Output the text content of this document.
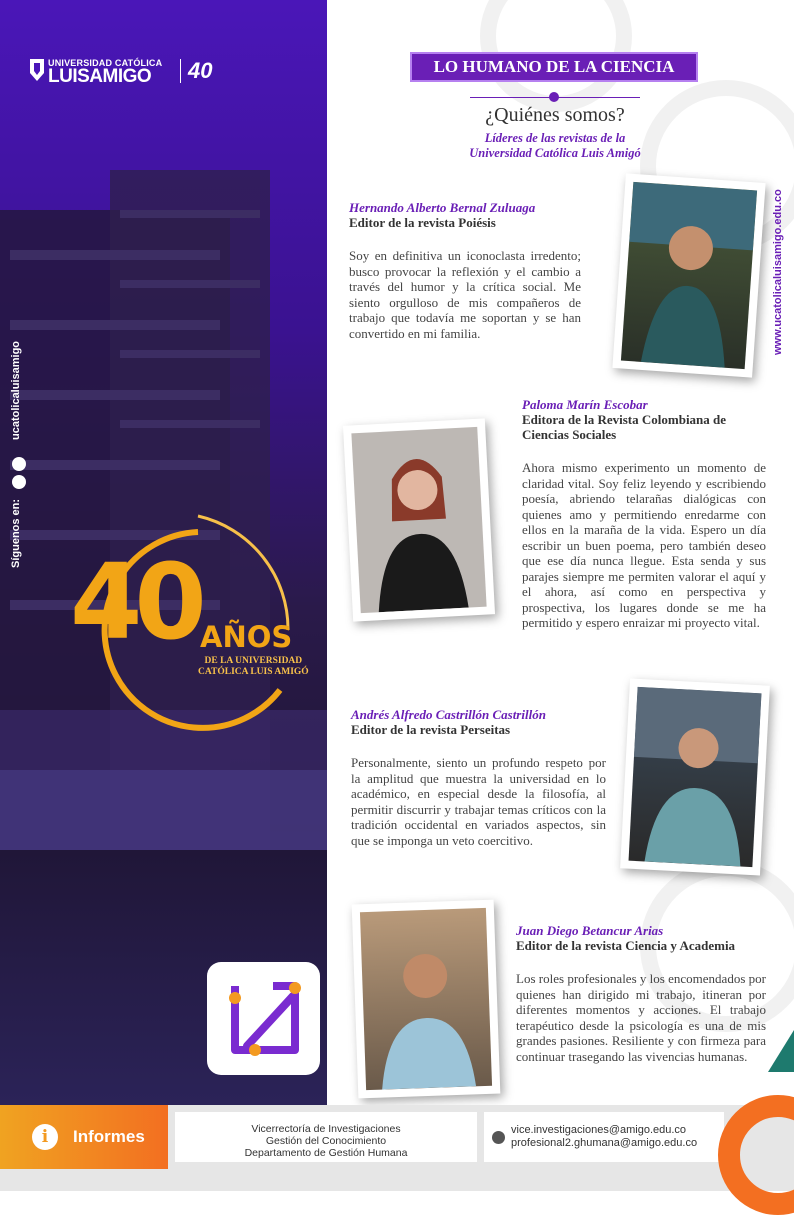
UNIVERSIDAD CATÓLICA
LUISAMIGO 40
Síguenos en:
ucatolicaluisamigo
40 AÑOS
DE LA UNIVERSIDAD
CATÓLICA LUIS AMIGÓ
LO HUMANO DE LA CIENCIA
¿Quiénes somos?
Líderes de las revistas de la
Universidad Católica Luis Amigó
www.ucatolicaluisamigo.edu.co
Hernando Alberto Bernal Zuluaga
Editor de la revista Poiésis
Soy en definitiva un iconoclasta irredento; busco provocar la reflexión y el cambio a través del humor y la crítica social. Me siento orgulloso de mis compañeros de trabajo que todavía me soportan y se han convertido en mi familia.
Paloma Marín Escobar
Editora de la Revista Colombiana de Ciencias Sociales
Ahora mismo experimento un momento de claridad vital. Soy feliz leyendo y escribiendo poesía, abriendo telarañas dialógicas con quienes amo y permitiendo enredarme con ellos en la maraña de la vida. Espero un día escribir un buen poema, pero también deseo que ese día nunca llegue. Esta senda y sus parajes siempre me permiten valorar el aquí y el ahora, así como en perspectiva y prospectiva, los lugares donde se me ha permitido y espero enraizar mi proyecto vital.
Andrés Alfredo Castrillón Castrillón
Editor de la revista Perseitas
Personalmente, siento un profundo respeto por la amplitud que muestra la universidad en lo académico, en especial desde la filosofía, al permitir discurrir y trabajar temas críticos con la tradición occidental en variados aspectos, sin que se imponga un veto coercitivo.
Juan Diego Betancur Arias
Editor de la revista Ciencia y Academia
Los roles profesionales y los encomendados por quienes han dirigido mi trabajo, itineran por diferentes momentos y acciones. El trabajo terapéutico desde la psicología es una de mis grandes pasiones. Resiliente y con firmeza para continuar trasegando las vivencias humanas.
i	Informes	Vicerrectoría de Investigaciones
Gestión del Conocimiento
Departamento de Gestión Humana
vice.investigaciones@amigo.edu.co
profesional2.ghumana@amigo.edu.co
